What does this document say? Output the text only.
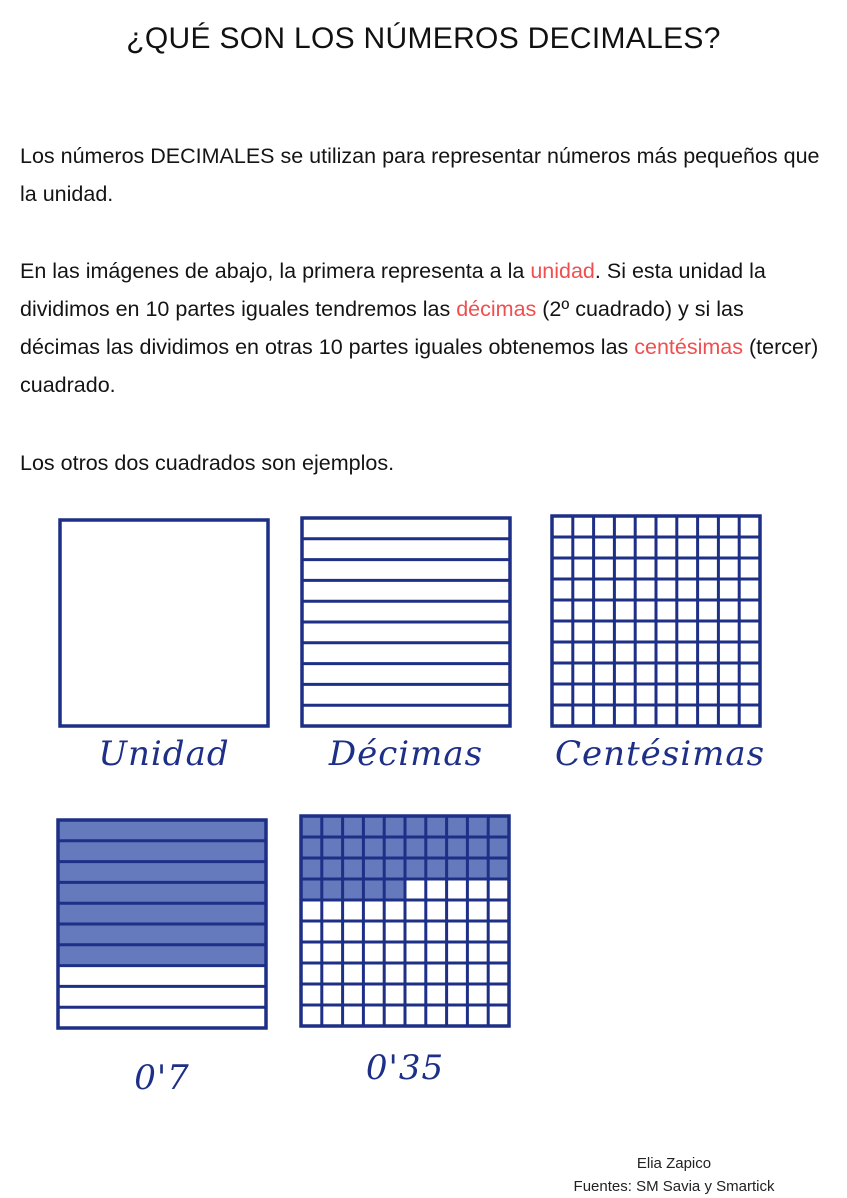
¿QUÉ SON LOS NÚMEROS DECIMALES?

Los números DECIMALES se utilizan para representar números más pequeños que la unidad.

En las imágenes de abajo, la primera representa a la unidad. Si esta unidad la dividimos en 10 partes iguales tendremos las décimas (2º cuadrado) y si las décimas las dividimos en otras 10 partes iguales obtenemos las centésimas (tercer) cuadrado.

Los otros dos cuadrados son ejemplos.

Unidad	Décimas	Centésimas
0'7	0'35
Elia Zapico
Fuentes: SM Savia y Smartick
